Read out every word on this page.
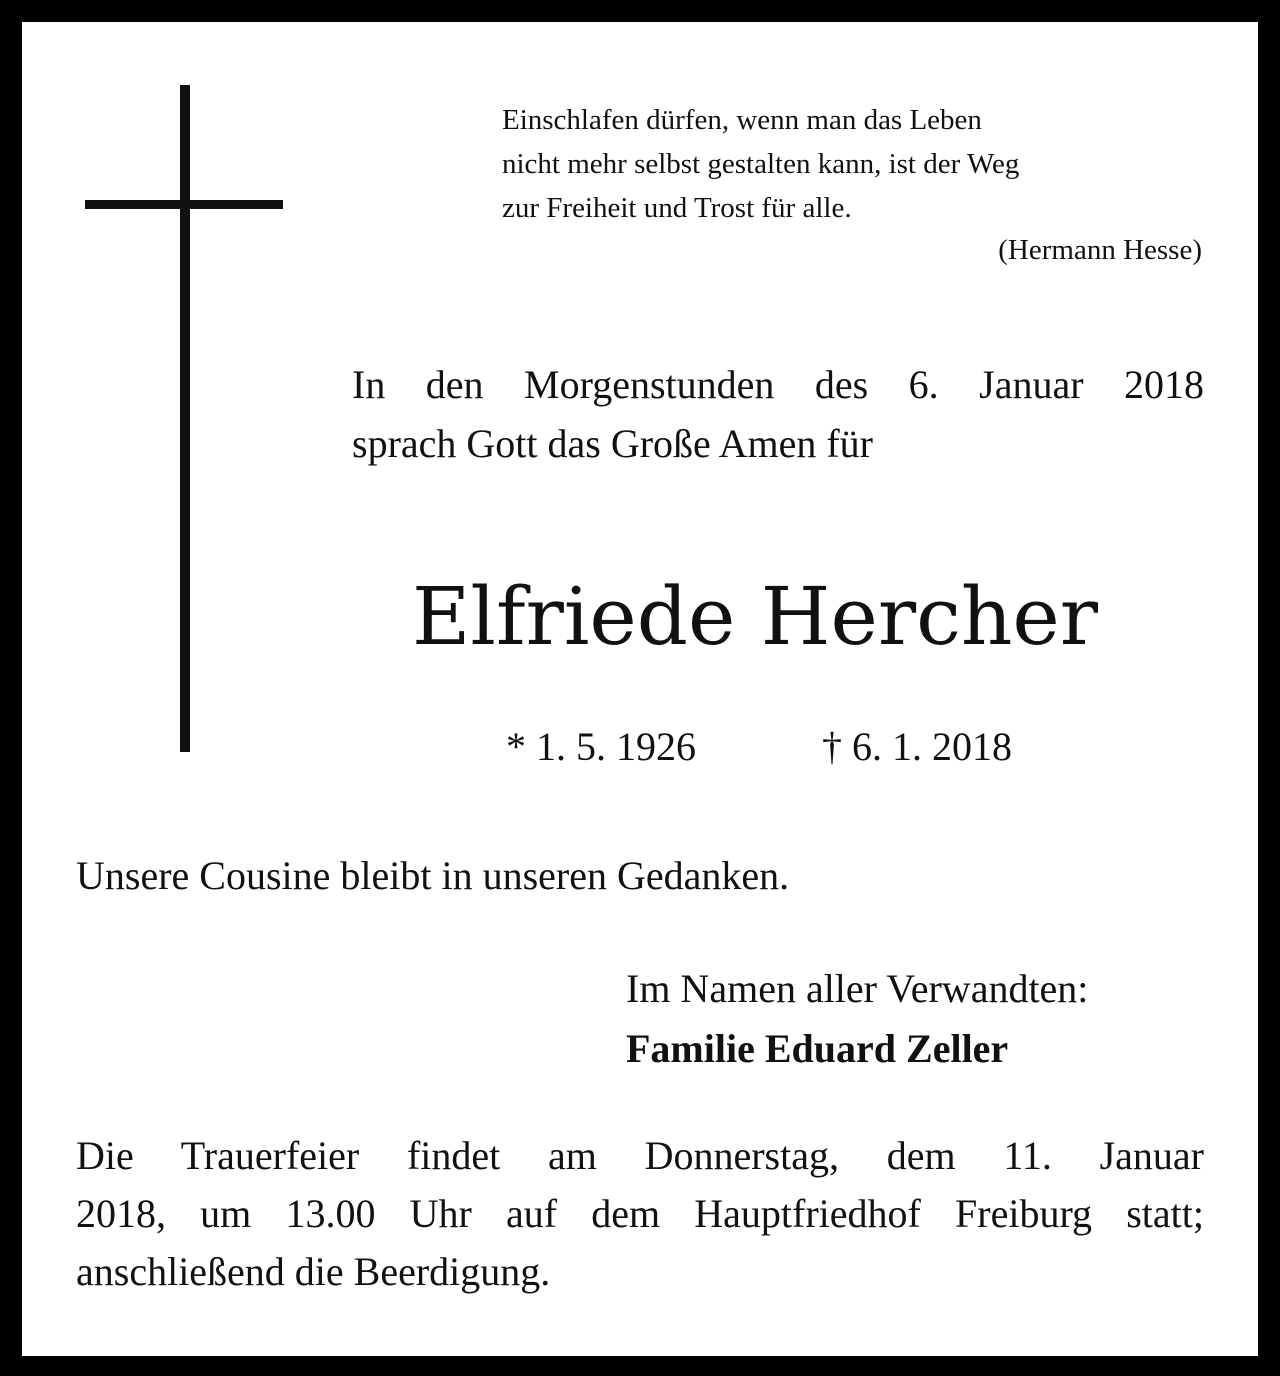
Einschlafen dürfen, wenn man das Leben
nicht mehr selbst gestalten kann, ist der Weg
zur Freiheit und Trost für alle.
(Hermann Hesse)
In den Morgenstunden des 6. Januar 2018
sprach Gott das Große Amen für
Elfriede Hercher
* 1. 5. 1926	† 6. 1. 2018
Unsere Cousine bleibt in unseren Gedanken.
Im Namen aller Verwandten:
Familie Eduard Zeller
Die Trauerfeier findet am Donnerstag, dem 11. Januar
2018, um 13.00 Uhr auf dem Hauptfriedhof Freiburg statt;
anschließend die Beerdigung.
